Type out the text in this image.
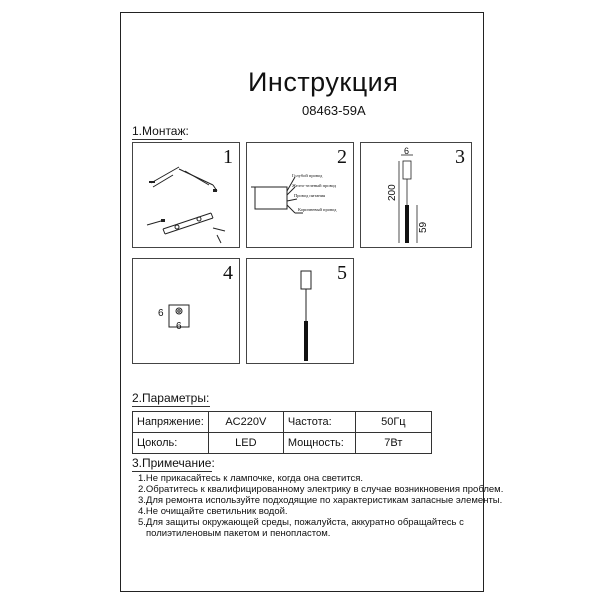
Инструкция
08463-59A
1.Монтаж:
1	2
Голубой провод
Желто-зеленый провод
Провод питания
Коричневый провод
3
6
200
59
4
6
6
5
2.Параметры:
Напряжение:	AC220V	Частота:	50Гц
Цоколь:	LED	Мощность:	7Вт
3.Примечание:
1.Не прикасайтесь к лампочке, когда она светится.
2.Обратитесь к квалифицированному электрику в случае возникновения проблем.
3.Для ремонта используйте подходящие по характеристикам запасные элементы.
4.Не очищайте светильник водой.
5.Для защиты окружающей среды, пожалуйста, аккуратно обращайтесь с
полиэтиленовым пакетом и пенопластом.
